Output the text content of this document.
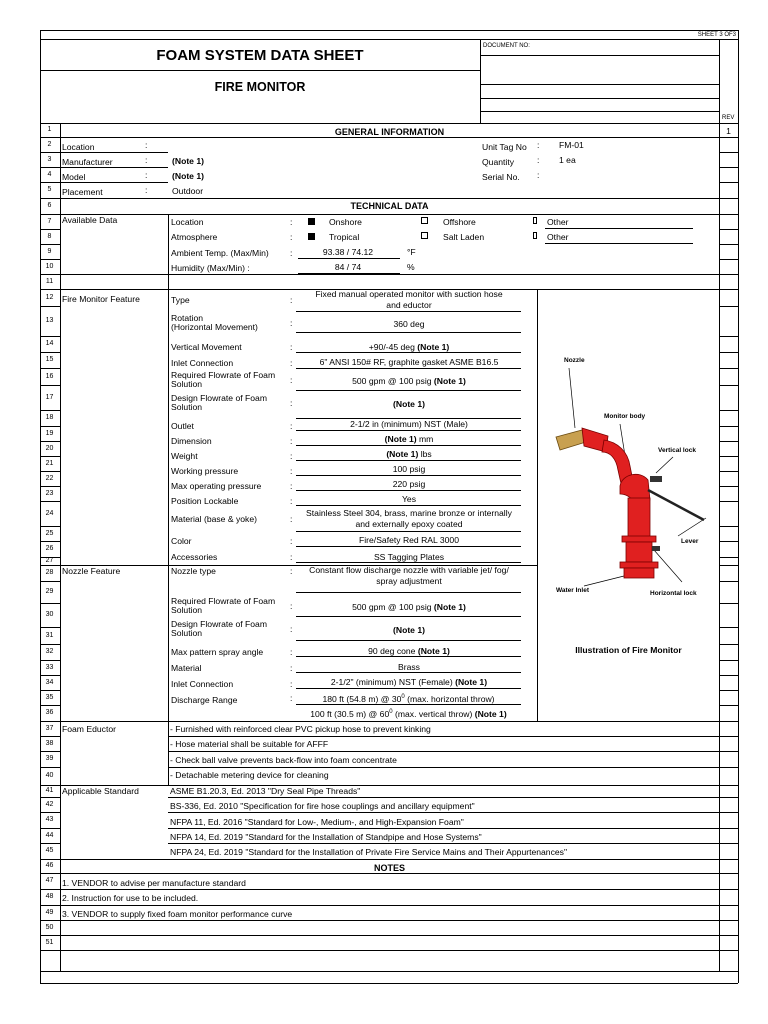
SHEET 3 OF3
FOAM SYSTEM DATA SHEET
FIRE MONITOR
DOCUMENT NO:
REV
1
2
3
4
5
6
7
8
9
10
11
12
13
14
15
16
17
18
19
20
21
22
23
24
25
26
27
28
29
30
31
32
33
34
35
36
37
38
39
40
41
42
43
44
45
46
47
48
49
50
51
GENERAL INFORMATION
TECHNICAL DATA
NOTES
1
Location	:
Manufacturer	:	(Note 1)
Model	:	(Note 1)
Placement	:	Outdoor
Unit Tag No : FM-01
Quantity	: 1 ea
Serial No. :
Available Data	Location	:	Onshore	Offshore	Other
Atmosphere	:	Tropical	Salt Laden	Other
Ambient Temp. (Max/Min) :	93.38 / 74.12	°F
Humidity (Max/Min) :	84 / 74	%
Fire Monitor Feature	Type	:
Fixed manual operated monitor with suction hose
and eductor
Rotation
(Horizontal Movement)	:	360 deg
Vertical Movement	:	+90/-45 deg (Note 1)
Inlet Connection	:	6" ANSI 150# RF, graphite gasket ASME B16.5
Required Flowrate of Foam
Solution	:	500 gpm @ 100 psig (Note 1)
Design Flowrate of Foam
Solution	:	(Note 1)
Outlet	:	2-1/2 in (minimum) NST (Male)
Dimension	:	(Note 1) mm
Weight	:	(Note 1) lbs
Working pressure	:	100 psig
Max operating pressure	:	220 psig
Position Lockable	:	Yes
Material (base & yoke)	:
Stainless Steel 304, brass, marine bronze or internally
and externally epoxy coated
Color	:	Fire/Safety Red RAL 3000
Accessories	:	SS Tagging Plates
Nozzle type	:	Constant flow discharge nozzle with variable jet/ fog/
spray adjustment
Required Flowrate of Foam
Solution	:	500 gpm @ 100 psig (Note 1)
Design Flowrate of Foam
Solution	:	(Note 1)
Max pattern spray angle	:	90 deg cone (Note 1)
Material	:	Brass
Inlet Connection	:	2-1/2" (minimum) NST (Female) (Note 1)
Discharge Range	:	180 ft (54.8 m) @ $30^0$ (max. horizontal throw)
100 ft (30.5 m) @ $60^0$ (max. vertical throw) (Note 1)
Nozzle Feature
Nozzle
Monitor body
Vertical lock
Lever
Water Inlet	Horizontal lock
Illustration of Fire Monitor
Foam Eductor	- Furnished with reinforced clear PVC pickup hose to prevent kinking
- Hose material shall be suitable for AFFF
- Check ball valve prevents back-flow into foam concentrate
- Detachable metering device for cleaning
Applicable Standard	ASME B1.20.3, Ed. 2013 "Dry Seal Pipe Threads"
BS-336, Ed. 2010 "Specification for fire hose couplings and ancillary equipment"
NFPA 11, Ed. 2016 "Standard for Low-, Medium-, and High-Expansion Foam"
NFPA 14, Ed. 2019 "Standard for the Installation of Standpipe and Hose Systems"
NFPA 24, Ed. 2019 "Standard for the Installation of Private Fire Service Mains and Their Appurtenances"
1. VENDOR to advise per manufacture standard
2. Instruction for use to be included.
3. VENDOR to supply fixed foam monitor performance curve
